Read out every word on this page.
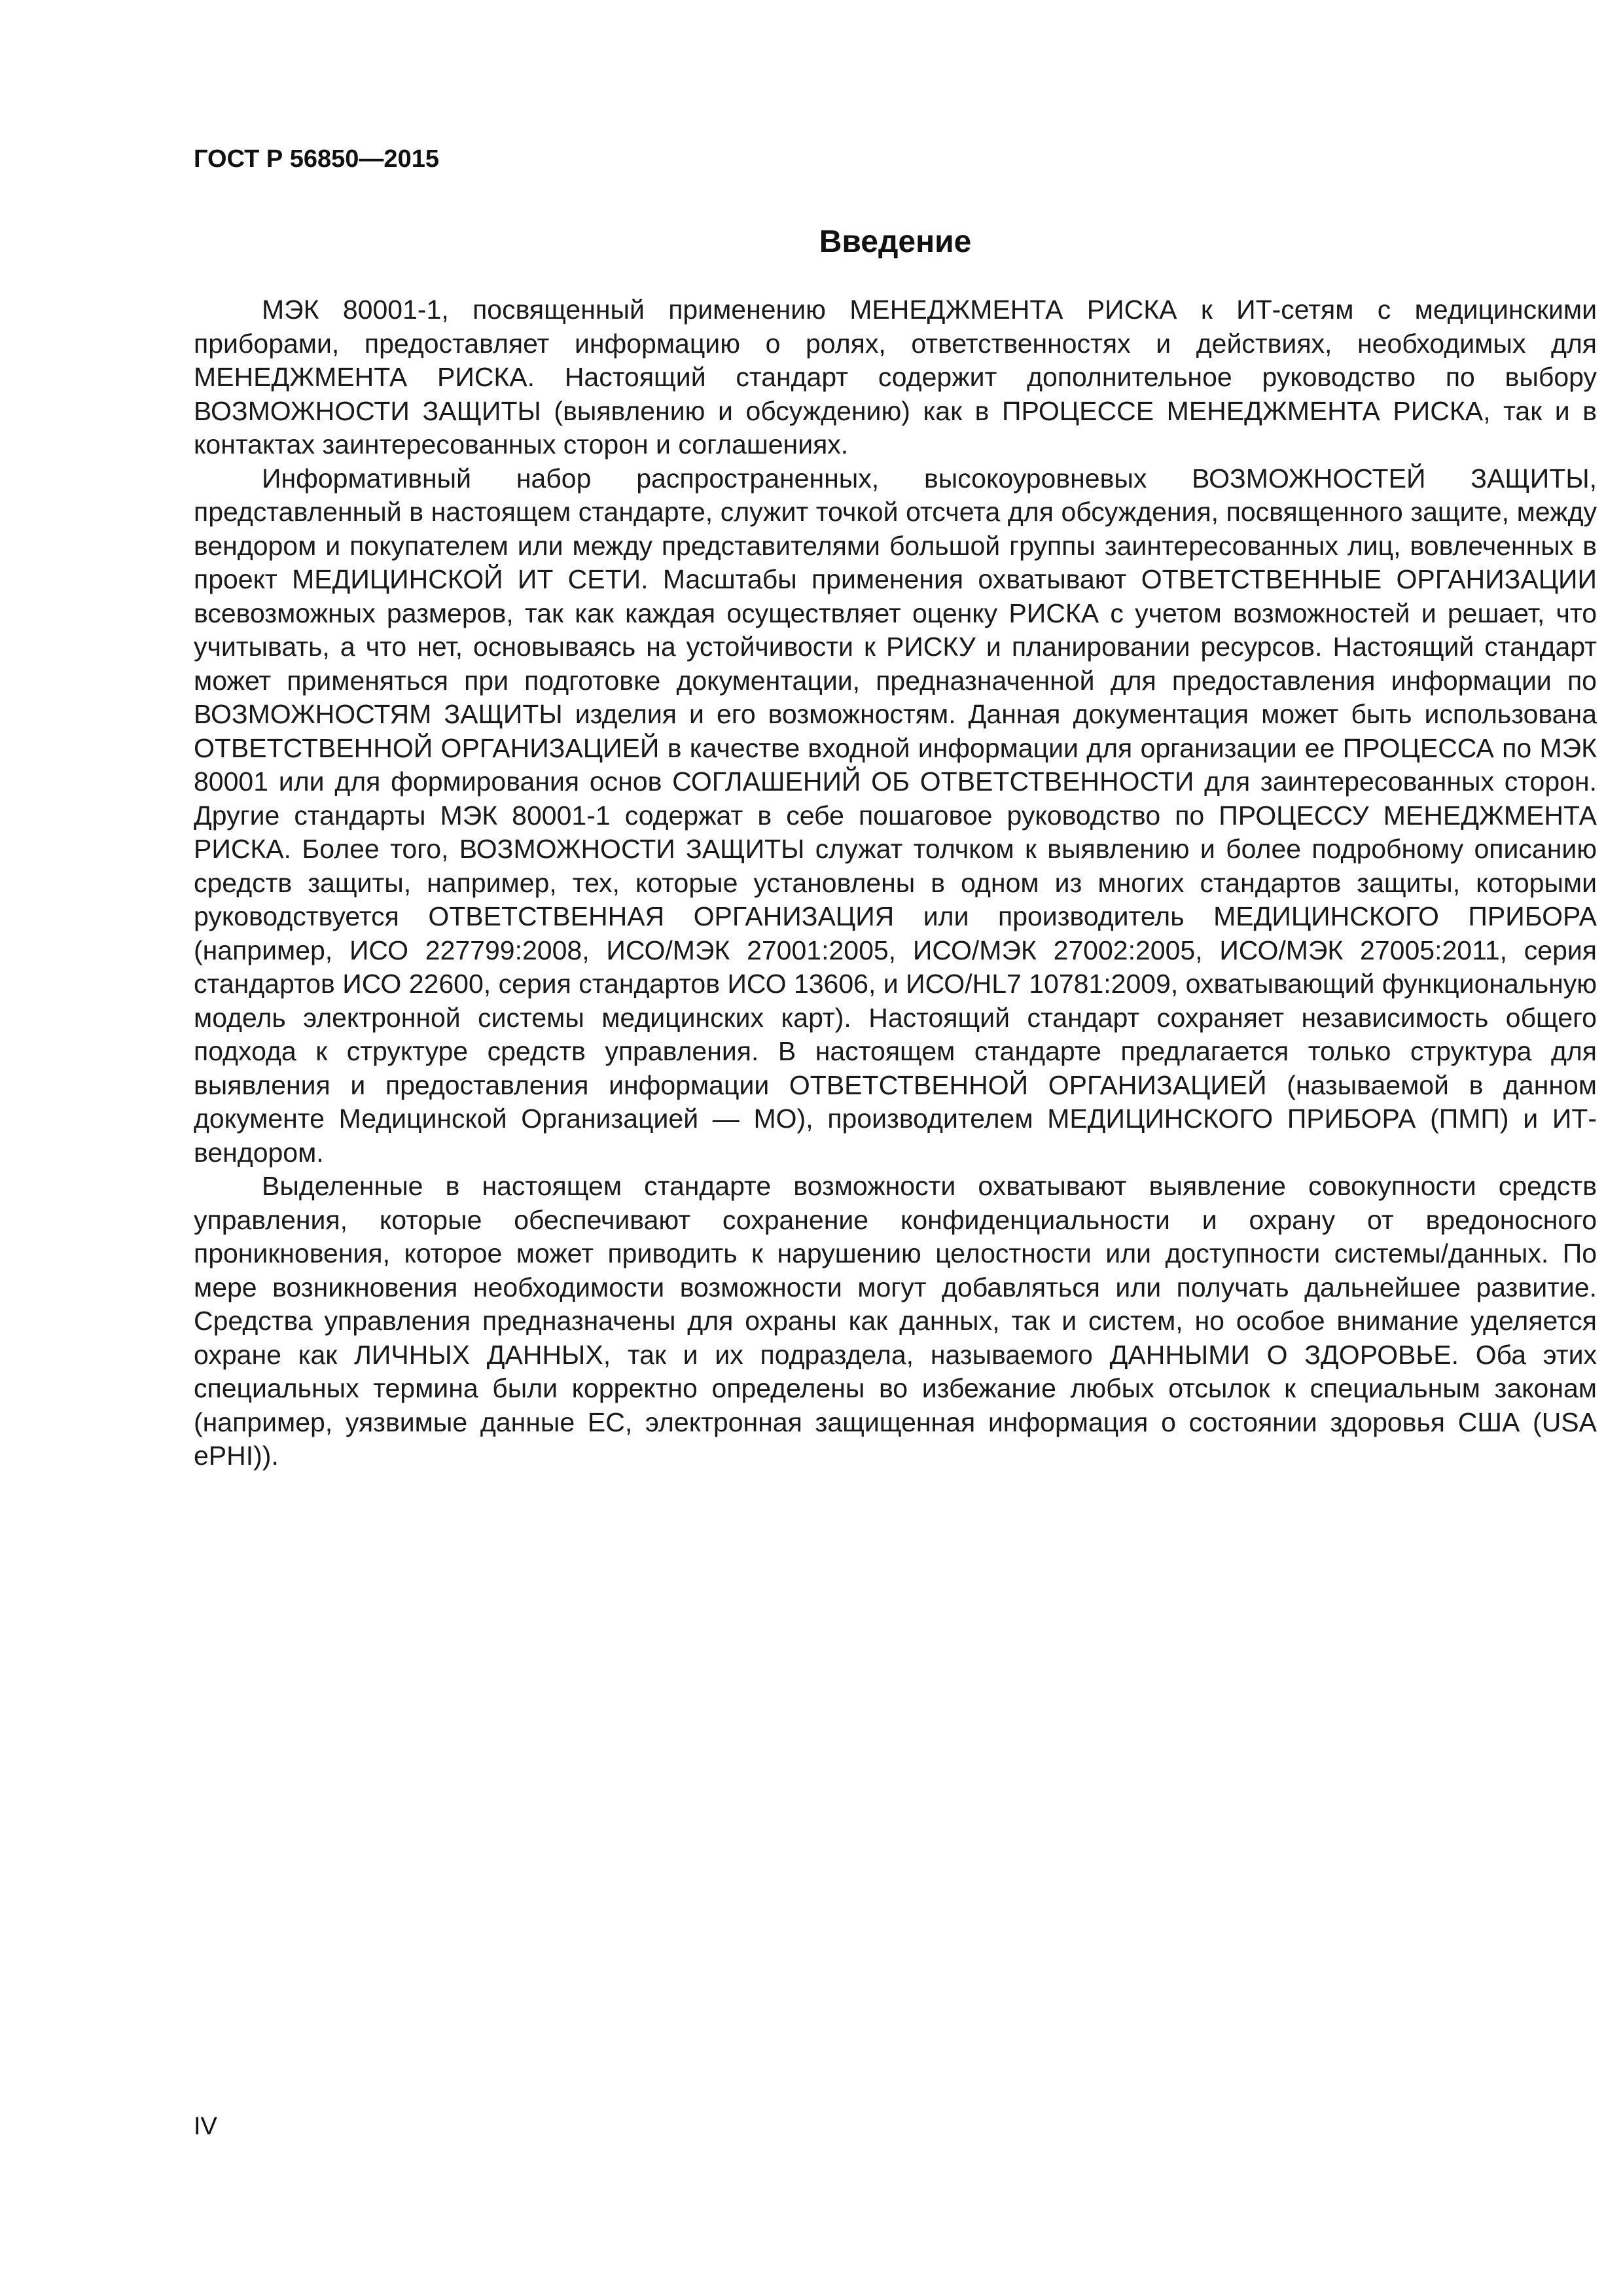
ГОСТ Р 56850—2015
Введение

МЭК 80001-1, посвященный применению МЕНЕДЖМЕНТА РИСКА к ИТ-сетям с медицинскими приборами, предоставляет информацию о ролях, ответственностях и действиях, необходимых для МЕНЕДЖМЕНТА РИСКА. Настоящий стандарт содержит дополнительное руководство по выбору ВОЗМОЖНОСТИ ЗАЩИТЫ (выявлению и обсуждению) как в ПРОЦЕССЕ МЕНЕДЖМЕНТА РИСКА, так и в контактах заинтересованных сторон и соглашениях.

Информативный набор распространенных, высокоуровневых ВОЗМОЖНОСТЕЙ ЗАЩИТЫ, представленный в настоящем стандарте, служит точкой отсчета для обсуждения, посвященного защите, между вендором и покупателем или между представителями большой группы заинтересованных лиц, вовлеченных в проект МЕДИЦИНСКОЙ ИТ СЕТИ. Масштабы применения охватывают ОТВЕТСТВЕННЫЕ ОРГАНИЗАЦИИ всевозможных размеров, так как каждая осуществляет оценку РИСКА с учетом возможностей и решает, что учитывать, а что нет, основываясь на устойчивости к РИСКУ и планировании ресурсов. Настоящий стандарт может применяться при подготовке документации, предназначенной для предоставления информации по ВОЗМОЖНОСТЯМ ЗАЩИТЫ изделия и его возможностям. Данная документация может быть использована ОТВЕТСТВЕННОЙ ОРГАНИЗАЦИЕЙ в качестве входной информации для организации ее ПРОЦЕССА по МЭК 80001 или для формирования основ СОГЛАШЕНИЙ ОБ ОТВЕТСТВЕННОСТИ для заинтересованных сторон. Другие стандарты МЭК 80001-1 содержат в себе пошаговое руководство по ПРОЦЕССУ МЕНЕДЖМЕНТА РИСКА. Более того, ВОЗМОЖНОСТИ ЗАЩИТЫ служат толчком к выявлению и более подробному описанию средств защиты, например, тех, которые установлены в одном из многих стандартов защиты, которыми руководствуется ОТВЕТСТВЕННАЯ ОРГАНИЗАЦИЯ или производитель МЕДИЦИНСКОГО ПРИБОРА (например, ИСО 227799:2008, ИСО/МЭК 27001:2005, ИСО/МЭК 27002:2005, ИСО/МЭК 27005:2011, серия стандартов ИСО 22600, серия стандартов ИСО 13606, и ИСО/HL7 10781:2009, охватывающий функциональную модель электронной системы медицинских карт). Настоящий стандарт сохраняет независимость общего подхода к структуре средств управления. В настоящем стандарте предлагается только структура для выявления и предоставления информации ОТВЕТСТВЕННОЙ ОРГАНИЗАЦИЕЙ (называемой в данном документе Медицинской Организацией — МО), производителем МЕДИЦИНСКОГО ПРИБОРА (ПМП) и ИТ-вендором.

Выделенные в настоящем стандарте возможности охватывают выявление совокупности средств управления, которые обеспечивают сохранение конфиденциальности и охрану от вредоносного проникновения, которое может приводить к нарушению целостности или доступности системы/данных. По мере возникновения необходимости возможности могут добавляться или получать дальнейшее развитие. Средства управления предназначены для охраны как данных, так и систем, но особое внимание уделяется охране как ЛИЧНЫХ ДАННЫХ, так и их подраздела, называемого ДАННЫМИ О ЗДОРОВЬЕ. Оба этих специальных термина были корректно определены во избежание любых отсылок к специальным законам (например, уязвимые данные ЕС, электронная защищенная информация о состоянии здоровья США (USA ePHI)).

IV
